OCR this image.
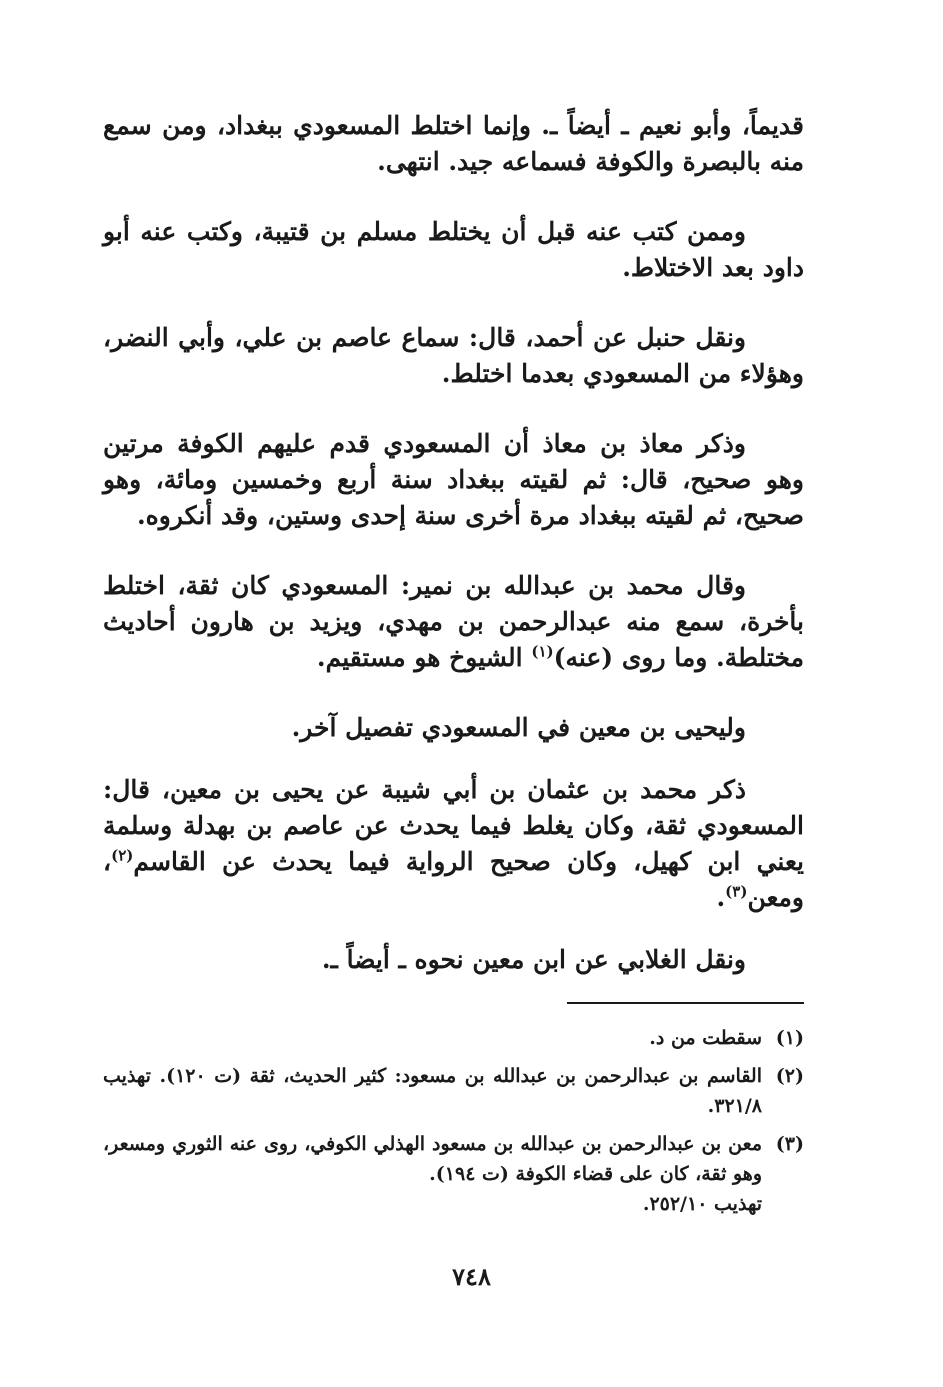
قديماً، وأبو نعيم ـ أيضاً ـ. وإنما اختلط المسعودي ببغداد، ومن سمع منه بالبصرة والكوفة فسماعه جيد. انتهى.

وممن كتب عنه قبل أن يختلط مسلم بن قتيبة، وكتب عنه أبو داود بعد الاختلاط.

ونقل حنبل عن أحمد، قال: سماع عاصم بن علي، وأبي النضر، وهؤلاء من المسعودي بعدما اختلط.

وذكر معاذ بن معاذ أن المسعودي قدم عليهم الكوفة مرتين وهو صحيح، قال: ثم لقيته ببغداد سنة أربع وخمسين ومائة، وهو صحيح، ثم لقيته ببغداد مرة أخرى سنة إحدى وستين، وقد أنكروه.

وقال محمد بن عبدالله بن نمير: المسعودي كان ثقة، اختلط بأخرة، سمع منه عبدالرحمن بن مهدي، ويزيد بن هارون أحاديث مختلطة. وما روى (عنه)$^{(١)}$ الشيوخ هو مستقيم.

وليحيى بن معين في المسعودي تفصيل آخر.

ذكر محمد بن عثمان بن أبي شيبة عن يحيى بن معين، قال: المسعودي ثقة، وكان يغلط فيما يحدث عن عاصم بن بهدلة وسلمة يعني ابن كهيل، وكان صحيح الرواية فيما يحدث عن القاسم$^{(٢)}$، ومعن$^{(٣)}$.

ونقل الغلابي عن ابن معين نحوه ـ أيضاً ـ.

(١)
سقطت من د.
(٢)
القاسم بن عبدالرحمن بن عبدالله بن مسعود: كثير الحديث، ثقة (ت ١٢٠). تهذيب ٣٢١/٨.
(٣)
معن بن عبدالرحمن بن عبدالله بن مسعود الهذلي الكوفي، روى عنه الثوري ومسعر، وهو ثقة، كان على قضاء الكوفة (ت ١٩٤).
تهذيب ٢٥٢/١٠.
٧٤٨
